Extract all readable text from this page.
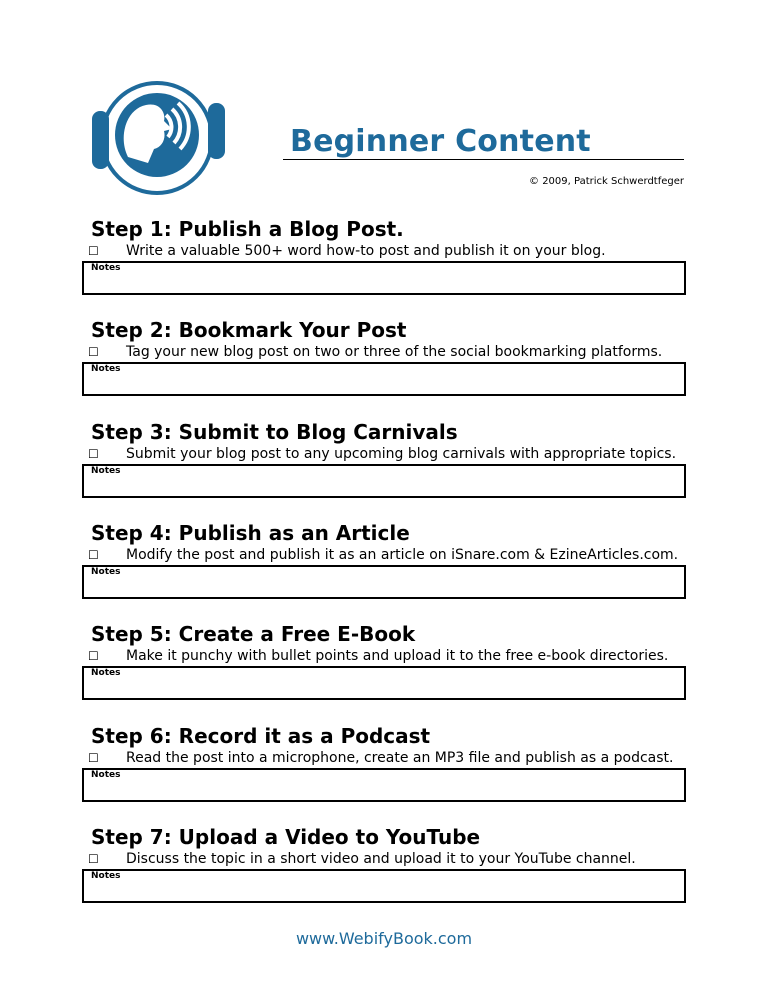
Beginner Content
© 2009, Patrick Schwerdtfeger
Step 1: Publish a Blog Post.
☐ Write a valuable 500+ word how-to post and publish it on your blog.
Notes
Step 2: Bookmark Your Post
☐ Tag your new blog post on two or three of the social bookmarking platforms.
Notes
Step 3: Submit to Blog Carnivals
☐ Submit your blog post to any upcoming blog carnivals with appropriate topics.
Notes
Step 4: Publish as an Article
☐ Modify the post and publish it as an article on iSnare.com & EzineArticles.com.
Notes
Step 5: Create a Free E-Book
☐ Make it punchy with bullet points and upload it to the free e-book directories.
Notes
Step 6: Record it as a Podcast
☐ Read the post into a microphone, create an MP3 file and publish as a podcast.
Notes
Step 7: Upload a Video to YouTube
☐ Discuss the topic in a short video and upload it to your YouTube channel.
Notes
www.WebifyBook.com
